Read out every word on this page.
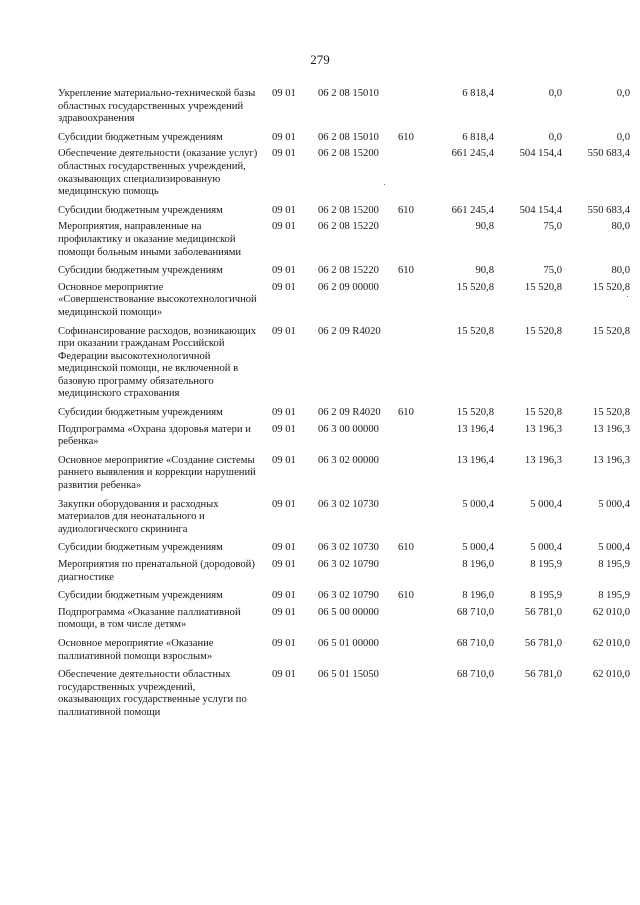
279
Укрепление материально-технической базы областных государственных учреждений здравоохранения	09 01	06 2 08 15010		6 818,4	0,0	0,0
Субсидии бюджетным учреждениям	09 01	06 2 08 15010	610	6 818,4	0,0	0,0
Обеспечение деятельности (оказание услуг) областных государственных учреждений, оказывающих специализированную медицинскую помощь	09 01	06 2 08 15200		661 245,4	504 154,4	550 683,4
Субсидии бюджетным учреждениям	09 01	06 2 08 15200	610	661 245,4	504 154,4	550 683,4
Мероприятия, направленные на профилактику и оказание медицинской помощи больным иными заболеваниями	09 01	06 2 08 15220		90,8	75,0	80,0
Субсидии бюджетным учреждениям	09 01	06 2 08 15220	610	90,8	75,0	80,0
Основное мероприятие «Совершенствование высокотехнологичной медицинской помощи»	09 01	06 2 09 00000		15 520,8	15 520,8	15 520,8
Софинансирование расходов, возникающих при оказании гражданам Российской Федерации высокотехнологичной медицинской помощи, не включенной в базовую программу обязательного медицинского страхования	09 01	06 2 09 R4020		15 520,8	15 520,8	15 520,8
Субсидии бюджетным учреждениям	09 01	06 2 09 R4020	610	15 520,8	15 520,8	15 520,8
Подпрограмма «Охрана здоровья матери и ребенка»	09 01	06 3 00 00000		13 196,4	13 196,3	13 196,3
Основное мероприятие «Создание системы раннего выявления и коррекции нарушений развития ребенка»	09 01	06 3 02 00000		13 196,4	13 196,3	13 196,3
Закупки оборудования и расходных материалов для неонатального и аудиологического скрининга	09 01	06 3 02 10730		5 000,4	5 000,4	5 000,4
Субсидии бюджетным учреждениям	09 01	06 3 02 10730	610	5 000,4	5 000,4	5 000,4
Мероприятия по пренатальной (дородовой) диагностике	09 01	06 3 02 10790		8 196,0	8 195,9	8 195,9
Субсидии бюджетным учреждениям	09 01	06 3 02 10790	610	8 196,0	8 195,9	8 195,9
Подпрограмма «Оказание паллиативной помощи, в том числе детям»	09 01	06 5 00 00000		68 710,0	56 781,0	62 010,0
Основное мероприятие «Оказание паллиативной помощи взрослым»	09 01	06 5 01 00000		68 710,0	56 781,0	62 010,0
Обеспечение деятельности областных государственных учреждений, оказывающих государственные услуги по паллиативной помощи	09 01	06 5 01 15050		68 710,0	56 781,0	62 010,0
